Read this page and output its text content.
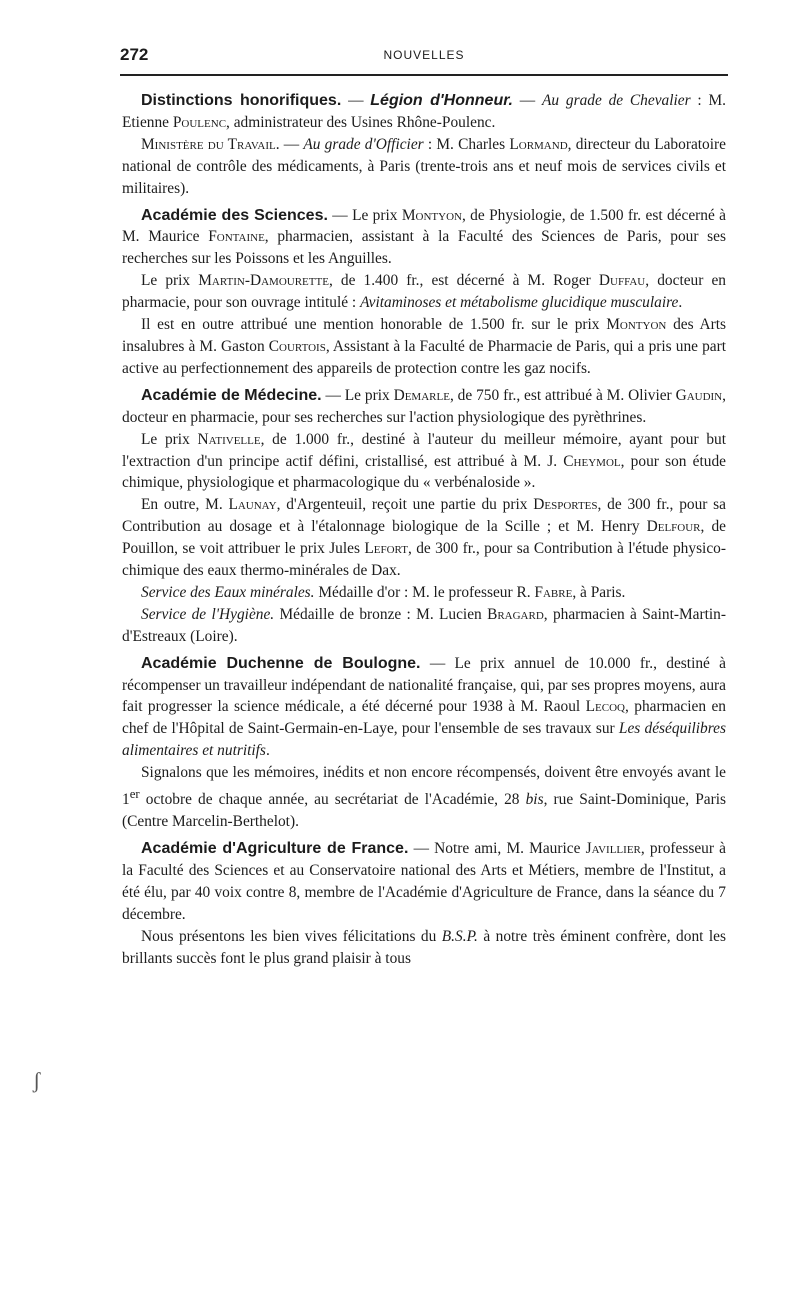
272	NOUVELLES

Distinctions honorifiques. — Légion d'Honneur. — Au grade de Chevalier : M. Etienne Poulenc, administrateur des Usines Rhône-Poulenc.

Ministère du Travail. — Au grade d'Officier : M. Charles Lormand, directeur du Laboratoire national de contrôle des médicaments, à Paris (trente-trois ans et neuf mois de services civils et militaires).

Académie des Sciences. — Le prix Montyon, de Physiologie, de 1.500 fr. est décerné à M. Maurice Fontaine, pharmacien, assistant à la Faculté des Sciences de Paris, pour ses recherches sur les Poissons et les Anguilles.

Le prix Martin-Damourette, de 1.400 fr., est décerné à M. Roger Duffau, docteur en pharmacie, pour son ouvrage intitulé : Avitaminoses et métabolisme glucidique musculaire.

Il est en outre attribué une mention honorable de 1.500 fr. sur le prix Montyon des Arts insalubres à M. Gaston Courtois, Assistant à la Faculté de Pharmacie de Paris, qui a pris une part active au perfectionnement des appareils de protection contre les gaz nocifs.

Académie de Médecine. — Le prix Demarle, de 750 fr., est attribué à M. Olivier Gaudin, docteur en pharmacie, pour ses recherches sur l'action physiologique des pyrèthrines.

Le prix Nativelle, de 1.000 fr., destiné à l'auteur du meilleur mémoire, ayant pour but l'extraction d'un principe actif défini, cristallisé, est attribué à M. J. Cheymol, pour son étude chimique, physiologique et pharmacologique du « verbénaloside ».

En outre, M. Launay, d'Argenteuil, reçoit une partie du prix Desportes, de 300 fr., pour sa Contribution au dosage et à l'étalonnage biologique de la Scille ; et M. Henry Delfour, de Pouillon, se voit attribuer le prix Jules Lefort, de 300 fr., pour sa Contribution à l'étude physico-chimique des eaux thermo-minérales de Dax.

Service des Eaux minérales. Médaille d'or : M. le professeur R. Fabre, à Paris.

Service de l'Hygiène. Médaille de bronze : M. Lucien Bragard, pharmacien à Saint-Martin-d'Estreaux (Loire).

Académie Duchenne de Boulogne. — Le prix annuel de 10.000 fr., destiné à récompenser un travailleur indépendant de nationalité française, qui, par ses propres moyens, aura fait progresser la science médicale, a été décerné pour 1938 à M. Raoul Lecoq, pharmacien en chef de l'Hôpital de Saint-Germain-en-Laye, pour l'ensemble de ses travaux sur Les déséquilibres alimentaires et nutritifs.

Signalons que les mémoires, inédits et non encore récompensés, doivent être envoyés avant le 1er octobre de chaque année, au secrétariat de l'Académie, 28 bis, rue Saint-Dominique, Paris (Centre Marcelin-Berthelot).

Académie d'Agriculture de France. — Notre ami, M. Maurice Javillier, professeur à la Faculté des Sciences et au Conservatoire national des Arts et Métiers, membre de l'Institut, a été élu, par 40 voix contre 8, membre de l'Académie d'Agriculture de France, dans la séance du 7 décembre.

Nous présentons les bien vives félicitations du B.S.P. à notre très éminent confrère, dont les brillants succès font le plus grand plaisir à tous

ʃ
